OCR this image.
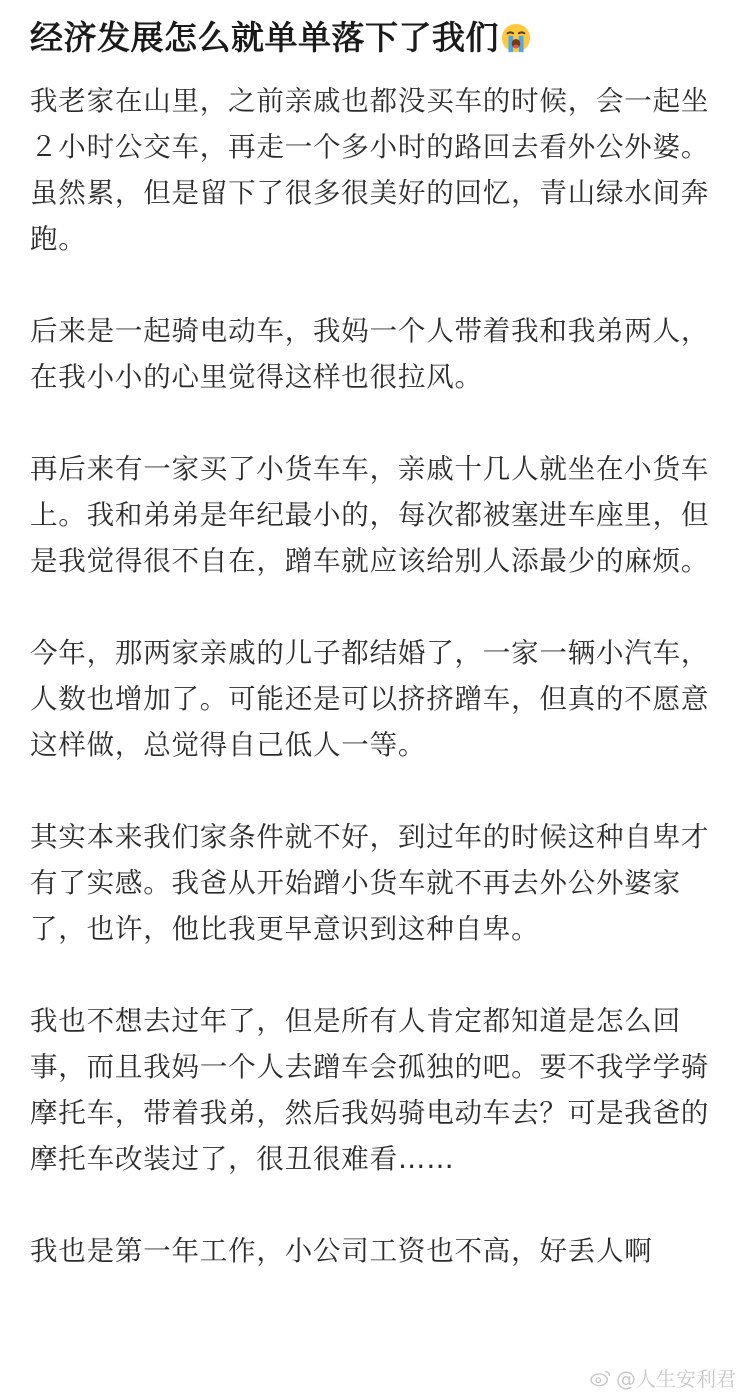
经济发展怎么就单单落下了我们

我老家在山里，之前亲戚也都没买车的时候，会一起坐２小时公交车，再走一个多小时的路回去看外公外婆。虽然累，但是留下了很多很美好的回忆，青山绿水间奔跑。

后来是一起骑电动车，我妈一个人带着我和我弟两人，在我小小的心里觉得这样也很拉风。

再后来有一家买了小货车车，亲戚十几人就坐在小货车上。我和弟弟是年纪最小的，每次都被塞进车座里，但是我觉得很不自在，蹭车就应该给别人添最少的麻烦。

今年，那两家亲戚的儿子都结婚了，一家一辆小汽车，人数也增加了。可能还是可以挤挤蹭车，但真的不愿意这样做，总觉得自己低人一等。

其实本来我们家条件就不好，到过年的时候这种自卑才有了实感。我爸从开始蹭小货车就不再去外公外婆家了，也许，他比我更早意识到这种自卑。

我也不想去过年了，但是所有人肯定都知道是怎么回事，而且我妈一个人去蹭车会孤独的吧。要不我学学骑摩托车，带着我弟，然后我妈骑电动车去？可是我爸的摩托车改装过了，很丑很难看……

我也是第一年工作，小公司工资也不高，好丢人啊

@人生安利君
